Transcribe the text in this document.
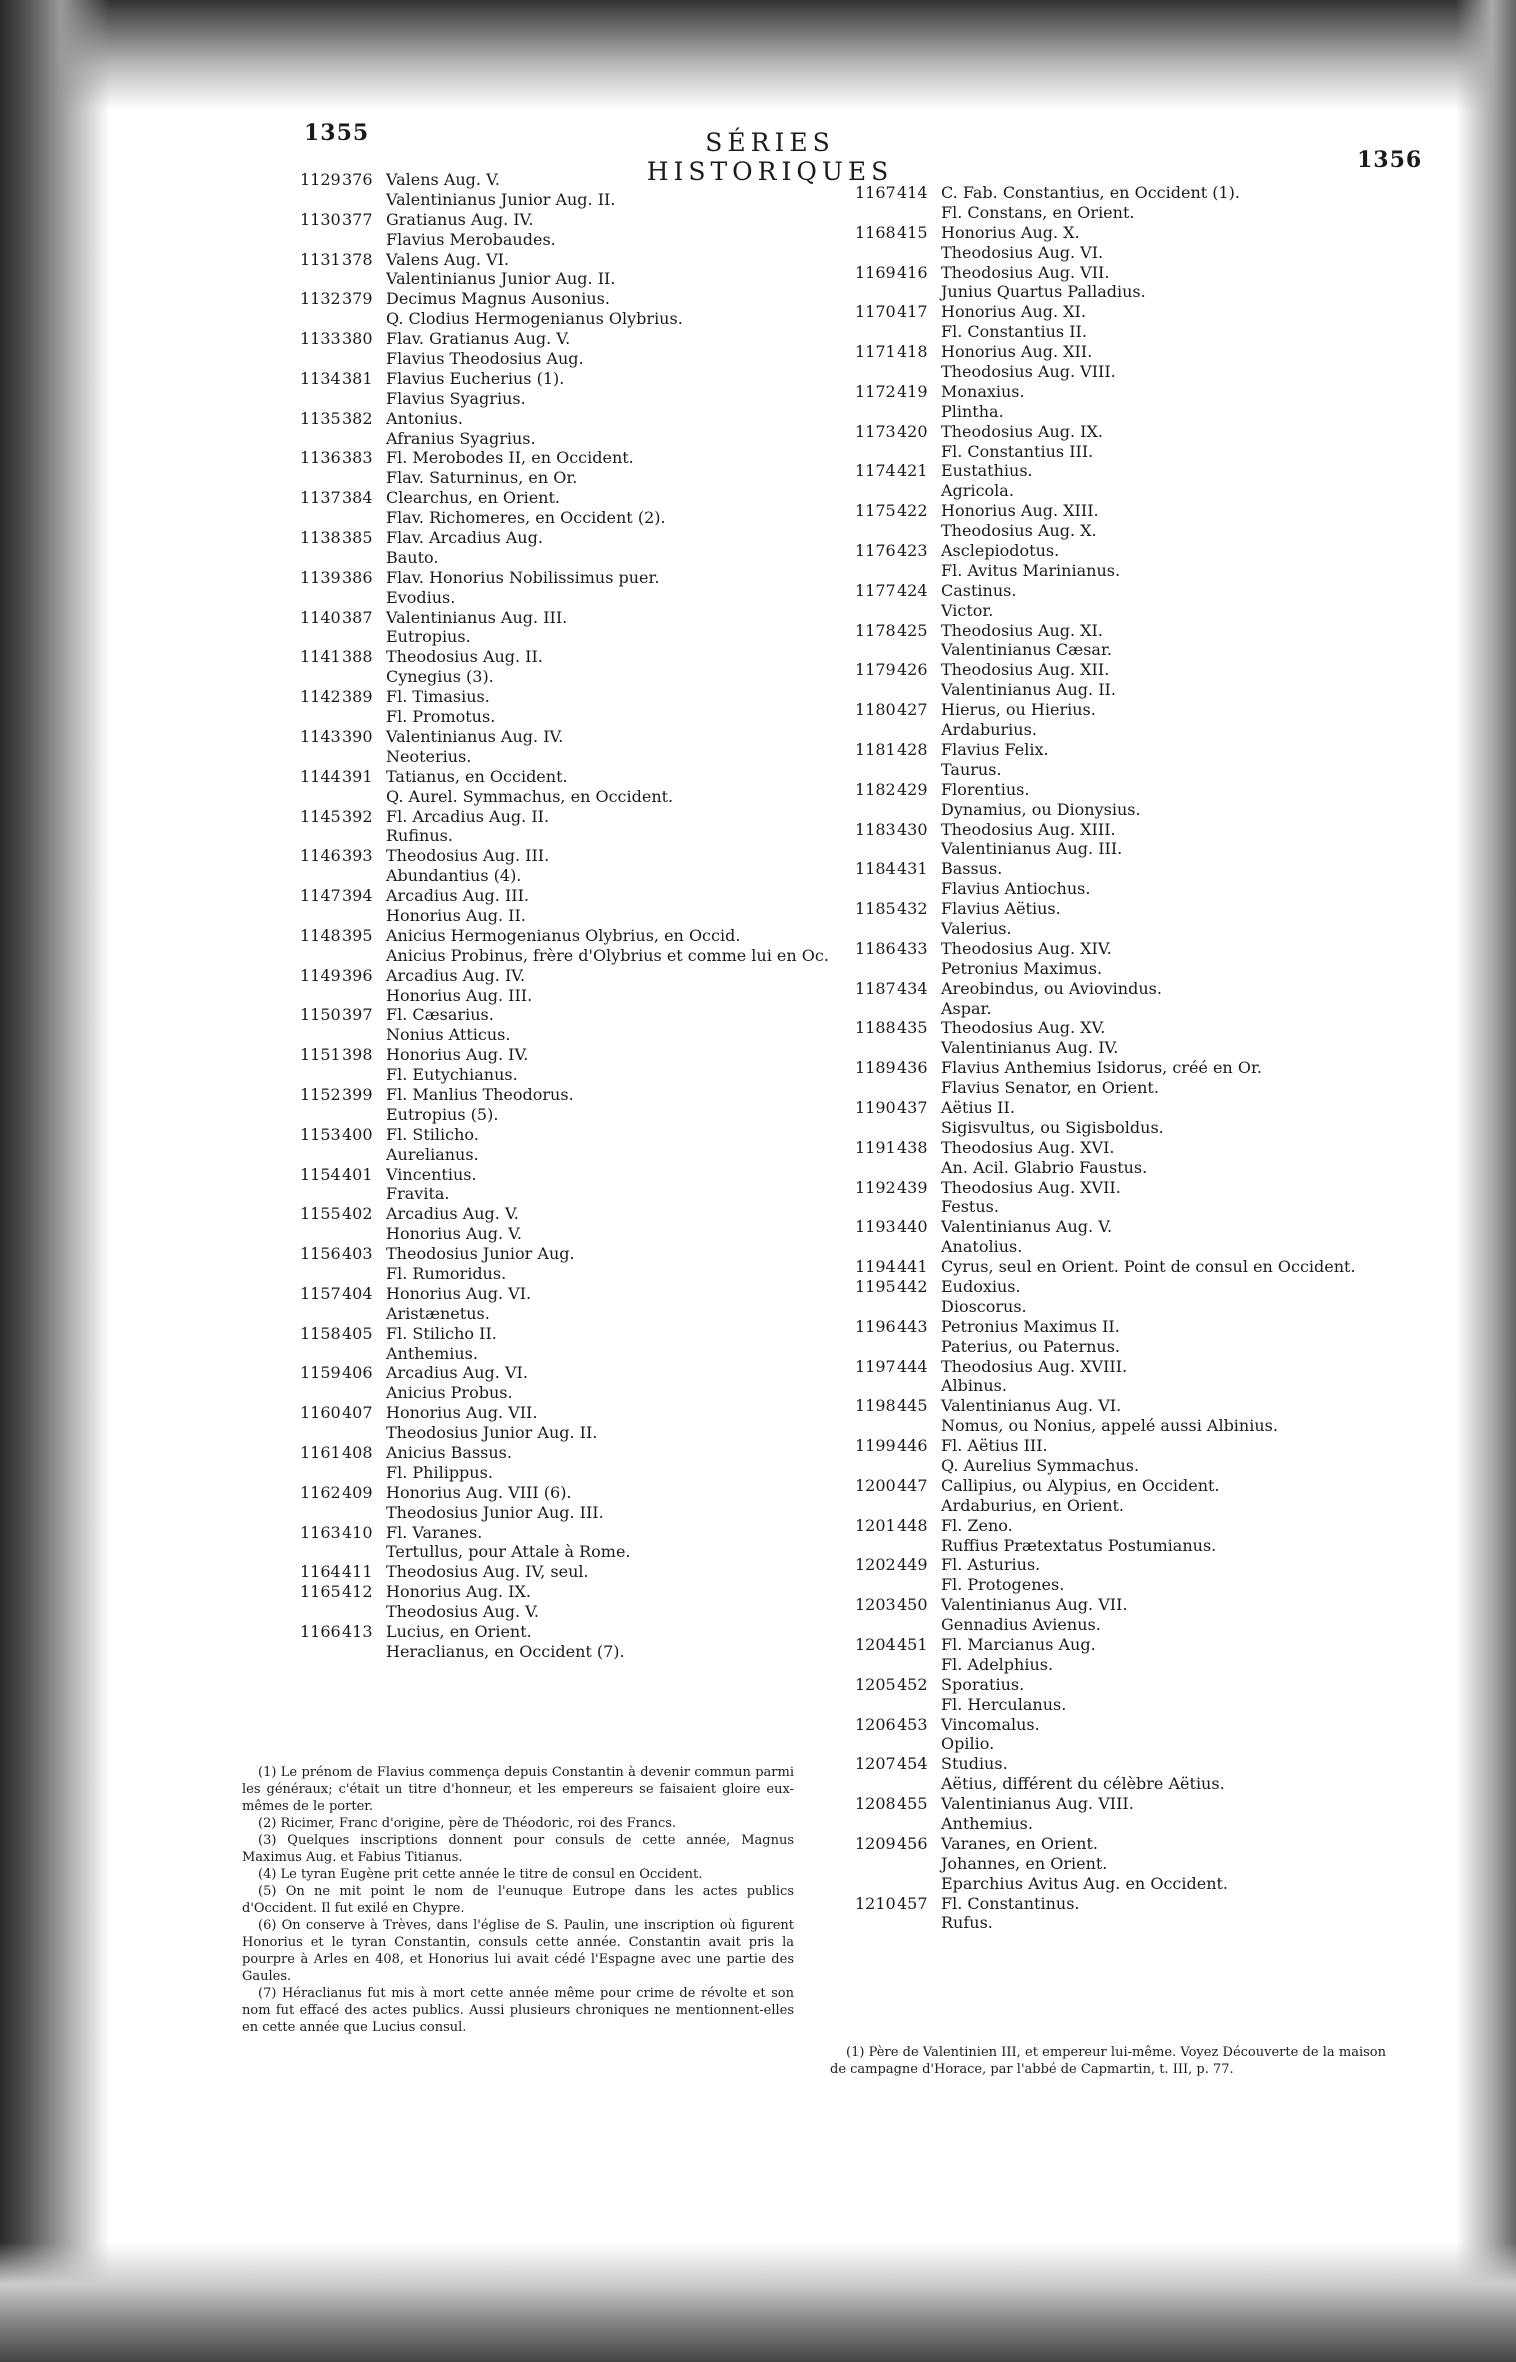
1355	SÉRIES HISTORIQUES	1356
1129376 Valens Aug. V.
Valentinianus Junior Aug. II.
1130377 Gratianus Aug. IV.
Flavius Merobaudes.
1131378 Valens Aug. VI.
Valentinianus Junior Aug. II.
1132379 Decimus Magnus Ausonius.
Q. Clodius Hermogenianus Olybrius.
1133380 Flav. Gratianus Aug. V.
Flavius Theodosius Aug.
1134381 Flavius Eucherius (1).
Flavius Syagrius.
1135382 Antonius.
Afranius Syagrius.
1136383 Fl. Merobodes II, en Occident.
Flav. Saturninus, en Or.
1137384 Clearchus, en Orient.
Flav. Richomeres, en Occident (2).
1138385 Flav. Arcadius Aug.
Bauto.
1139386 Flav. Honorius Nobilissimus puer.
Evodius.
1140387 Valentinianus Aug. III.
Eutropius.
1141388 Theodosius Aug. II.
Cynegius (3).
1142389 Fl. Timasius.
Fl. Promotus.
1143390 Valentinianus Aug. IV.
Neoterius.
1144391 Tatianus, en Occident.
Q. Aurel. Symmachus, en Occident.
1145392 Fl. Arcadius Aug. II.
Rufinus.
1146393 Theodosius Aug. III.
Abundantius (4).
1147394 Arcadius Aug. III.
Honorius Aug. II.
1148395 Anicius Hermogenianus Olybrius, en Occid.
Anicius Probinus, frère d'Olybrius et comme lui en Oc.
1149396 Arcadius Aug. IV.
Honorius Aug. III.
1150397 Fl. Cæsarius.
Nonius Atticus.
1151398 Honorius Aug. IV.
Fl. Eutychianus.
1152399 Fl. Manlius Theodorus.
Eutropius (5).
1153400 Fl. Stilicho.
Aurelianus.
1154401 Vincentius.
Fravita.
1155402 Arcadius Aug. V.
Honorius Aug. V.
1156403 Theodosius Junior Aug.
Fl. Rumoridus.
1157404 Honorius Aug. VI.
Aristænetus.
1158405 Fl. Stilicho II.
Anthemius.
1159406 Arcadius Aug. VI.
Anicius Probus.
1160407 Honorius Aug. VII.
Theodosius Junior Aug. II.
1161408 Anicius Bassus.
Fl. Philippus.
1162409 Honorius Aug. VIII (6).
Theodosius Junior Aug. III.
1163410 Fl. Varanes.
Tertullus, pour Attale à Rome.
1164411 Theodosius Aug. IV, seul.
1165412 Honorius Aug. IX.
Theodosius Aug. V.
1166413 Lucius, en Orient.
Heraclianus, en Occident (7).
1167414 C. Fab. Constantius, en Occident (1).
Fl. Constans, en Orient.
1168415 Honorius Aug. X.
Theodosius Aug. VI.
1169416 Theodosius Aug. VII.
Junius Quartus Palladius.
1170417 Honorius Aug. XI.
Fl. Constantius II.
1171418 Honorius Aug. XII.
Theodosius Aug. VIII.
1172419 Monaxius.
Plintha.
1173420 Theodosius Aug. IX.
Fl. Constantius III.
1174421 Eustathius.
Agricola.
1175422 Honorius Aug. XIII.
Theodosius Aug. X.
1176423 Asclepiodotus.
Fl. Avitus Marinianus.
1177424 Castinus.
Victor.
1178425 Theodosius Aug. XI.
Valentinianus Cæsar.
1179426 Theodosius Aug. XII.
Valentinianus Aug. II.
1180427 Hierus, ou Hierius.
Ardaburius.
1181428 Flavius Felix.
Taurus.
1182429 Florentius.
Dynamius, ou Dionysius.
1183430 Theodosius Aug. XIII.
Valentinianus Aug. III.
1184431 Bassus.
Flavius Antiochus.
1185432 Flavius Aëtius.
Valerius.
1186433 Theodosius Aug. XIV.
Petronius Maximus.
1187434 Areobindus, ou Aviovindus.
Aspar.
1188435 Theodosius Aug. XV.
Valentinianus Aug. IV.
1189436 Flavius Anthemius Isidorus, créé en Or.
Flavius Senator, en Orient.
1190437 Aëtius II.
Sigisvultus, ou Sigisboldus.
1191438 Theodosius Aug. XVI.
An. Acil. Glabrio Faustus.
1192439 Theodosius Aug. XVII.
Festus.
1193440 Valentinianus Aug. V.
Anatolius.
1194441 Cyrus, seul en Orient. Point de consul en Occident.
1195442 Eudoxius.
Dioscorus.
1196443 Petronius Maximus II.
Paterius, ou Paternus.
1197444 Theodosius Aug. XVIII.
Albinus.
1198445 Valentinianus Aug. VI.
Nomus, ou Nonius, appelé aussi Albinius.
1199446 Fl. Aëtius III.
Q. Aurelius Symmachus.
1200447 Callipius, ou Alypius, en Occident.
Ardaburius, en Orient.
1201448 Fl. Zeno.
Ruffius Prætextatus Postumianus.
1202449 Fl. Asturius.
Fl. Protogenes.
1203450 Valentinianus Aug. VII.
Gennadius Avienus.
1204451 Fl. Marcianus Aug.
Fl. Adelphius.
1205452 Sporatius.
Fl. Herculanus.
1206453 Vincomalus.
Opilio.
1207454 Studius.
Aëtius, différent du célèbre Aëtius.
1208455 Valentinianus Aug. VIII.
Anthemius.
1209456 Varanes, en Orient.
Johannes, en Orient.
Eparchius Avitus Aug. en Occident.
1210457 Fl. Constantinus.
Rufus.

(1) Le prénom de Flavius commença depuis Constantin à devenir commun parmi les généraux; c'était un titre d'honneur, et les empereurs se faisaient gloire eux-mêmes de le porter.

(2) Ricimer, Franc d'origine, père de Théodoric, roi des Francs.

(3) Quelques inscriptions donnent pour consuls de cette année, Magnus Maximus Aug. et Fabius Titianus.

(4) Le tyran Eugène prit cette année le titre de consul en Occident.

(5) On ne mit point le nom de l'eunuque Eutrope dans les actes publics d'Occident. Il fut exilé en Chypre.

(6) On conserve à Trèves, dans l'église de S. Paulin, une inscription où figurent Honorius et le tyran Constantin, consuls cette année. Constantin avait pris la pourpre à Arles en 408, et Honorius lui avait cédé l'Espagne avec une partie des Gaules.

(7) Héraclianus fut mis à mort cette année même pour crime de révolte et son nom fut effacé des actes publics. Aussi plusieurs chroniques ne mentionnent-elles en cette année que Lucius consul.

(1) Père de Valentinien III, et empereur lui-même. Voyez Découverte de la maison de campagne d'Horace, par l'abbé de Capmartin, t. III, p. 77.
